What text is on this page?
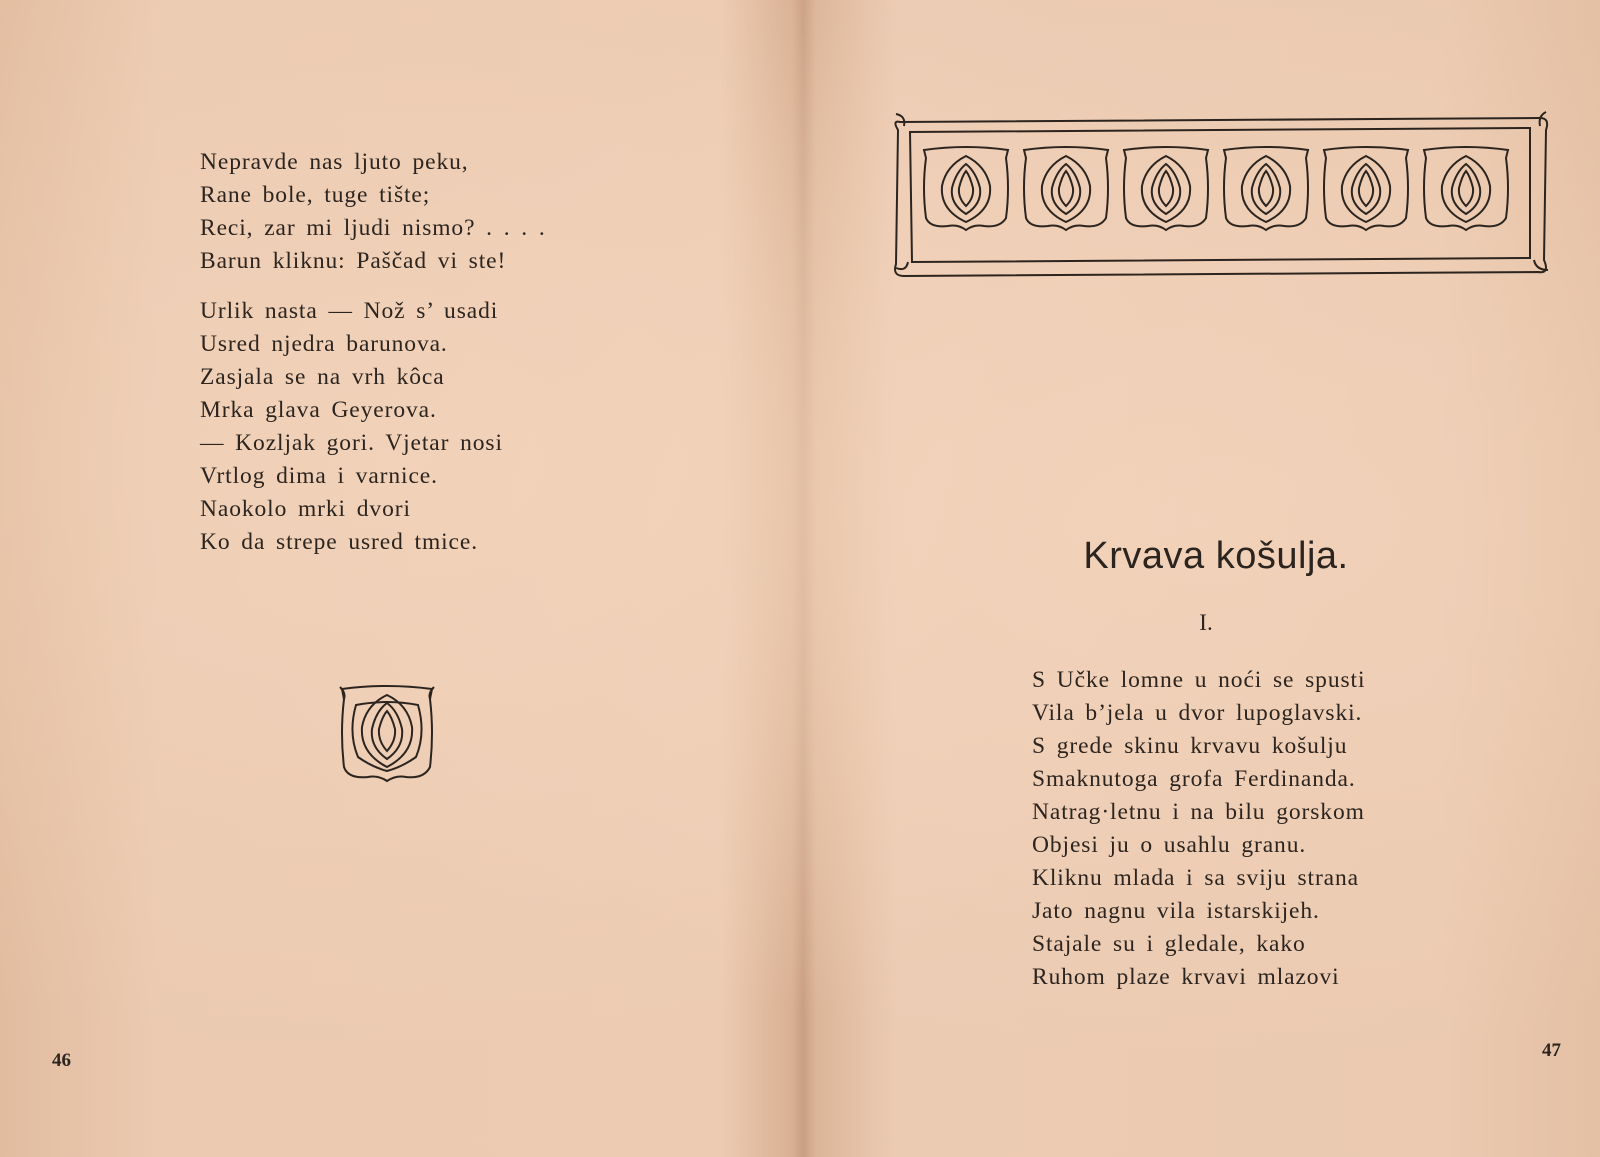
Nepravde nas ljuto peku,
Rane bole, tuge tište;
Reci, zar mi ljudi nismo? . . . .
Barun kliknu: Paščad vi ste!
Urlik nasta — Nož s’ usadi
Usred njedra barunova.
Zasjala se na vrh kôca
Mrka glava Geyerova.
— Kozljak gori. Vjetar nosi
Vrtlog dima i varnice.
Naokolo mrki dvori
Ko da strepe usred tmice.
46
Krvava košulja.
I.
S Učke lomne u noći se spusti
Vila b’jela u dvor lupoglavski.
S grede skinu krvavu košulju
Smaknutoga grofa Ferdinanda.
Natrag·letnu i na bilu gorskom
Objesi ju o usahlu granu.
Kliknu mlada i sa sviju strana
Jato nagnu vila istarskijeh.
Stajale su i gledale, kako
Ruhom plaze krvavi mlazovi
47
